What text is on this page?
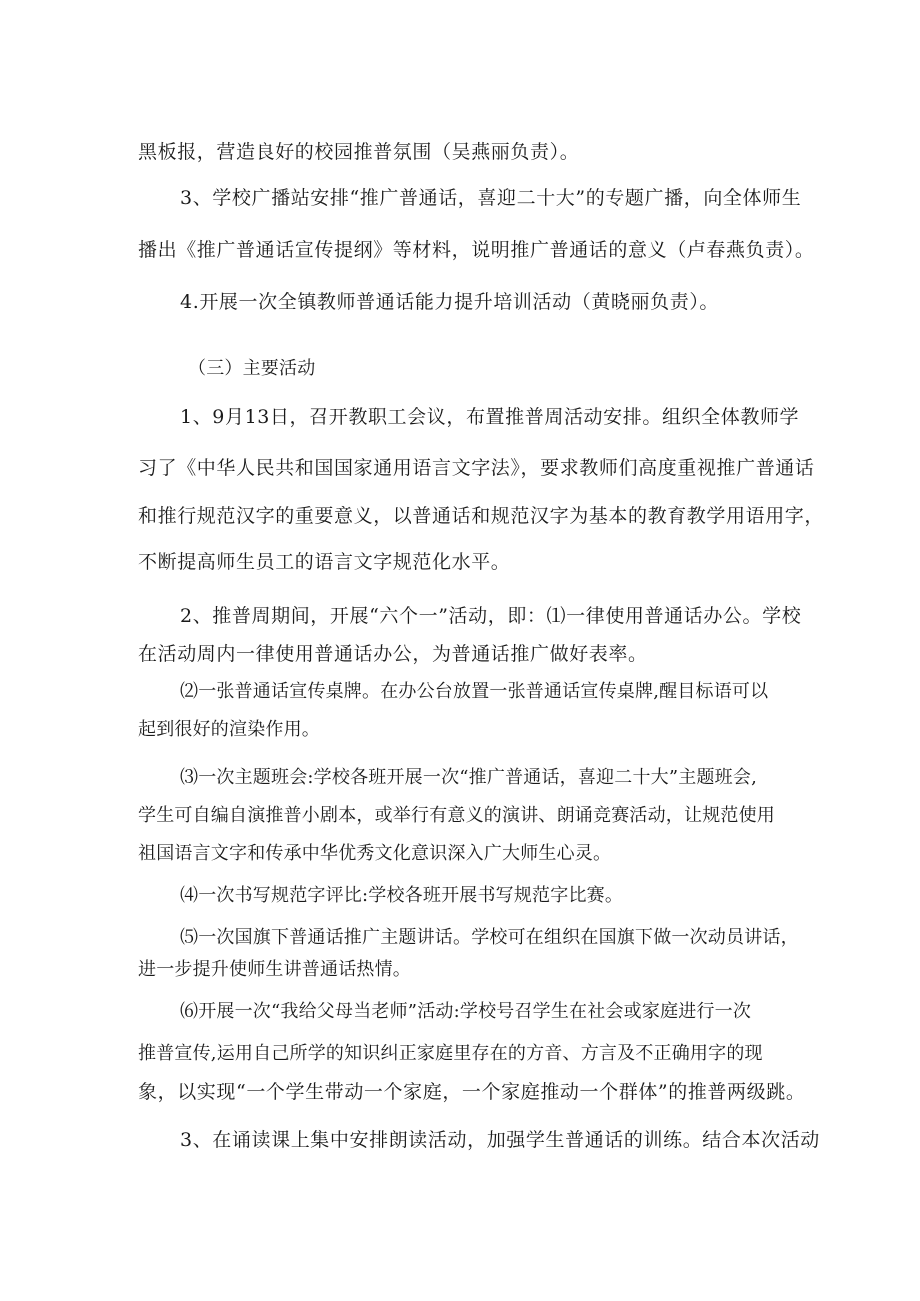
黑板报，营造良好的校园推普氛围（吴燕丽负责）。
3、学校广播站安排“推广普通话，喜迎二十大”的专题广播，向全体师生
播出《推广普通话宣传提纲》等材料，说明推广普通话的意义（卢春燕负责）。
4.开展一次全镇教师普通话能力提升培训活动（黄晓丽负责）。
（三）主要活动
1、9月13日，召开教职工会议，布置推普周活动安排。组织全体教师学
习了《中华人民共和国国家通用语言文字法》，要求教师们高度重视推广普通话
和推行规范汉字的重要意义，以普通话和规范汉字为基本的教育教学用语用字，
不断提高师生员工的语言文字规范化水平。
2、推普周期间，开展“六个一”活动，即：⑴一律使用普通话办公。学校
在活动周内一律使用普通话办公，为普通话推广做好表率。
⑵一张普通话宣传桌牌。在办公台放置一张普通话宣传桌牌,醒目标语可以
起到很好的渲染作用。
⑶一次主题班会:学校各班开展一次“推广普通话，喜迎二十大”主题班会,
学生可自编自演推普小剧本，或举行有意义的演讲、朗诵竞赛活动，让规范使用
祖国语言文字和传承中华优秀文化意识深入广大师生心灵。
⑷一次书写规范字评比:学校各班开展书写规范字比赛。
⑸一次国旗下普通话推广主题讲话。学校可在组织在国旗下做一次动员讲话，
进一步提升使师生讲普通话热情。
⑹开展一次“我给父母当老师”活动:学校号召学生在社会或家庭进行一次
推普宣传,运用自己所学的知识纠正家庭里存在的方音、方言及不正确用字的现
象，以实现“一个学生带动一个家庭，一个家庭推动一个群体”的推普两级跳。
3、在诵读课上集中安排朗读活动，加强学生普通话的训练。结合本次活动
